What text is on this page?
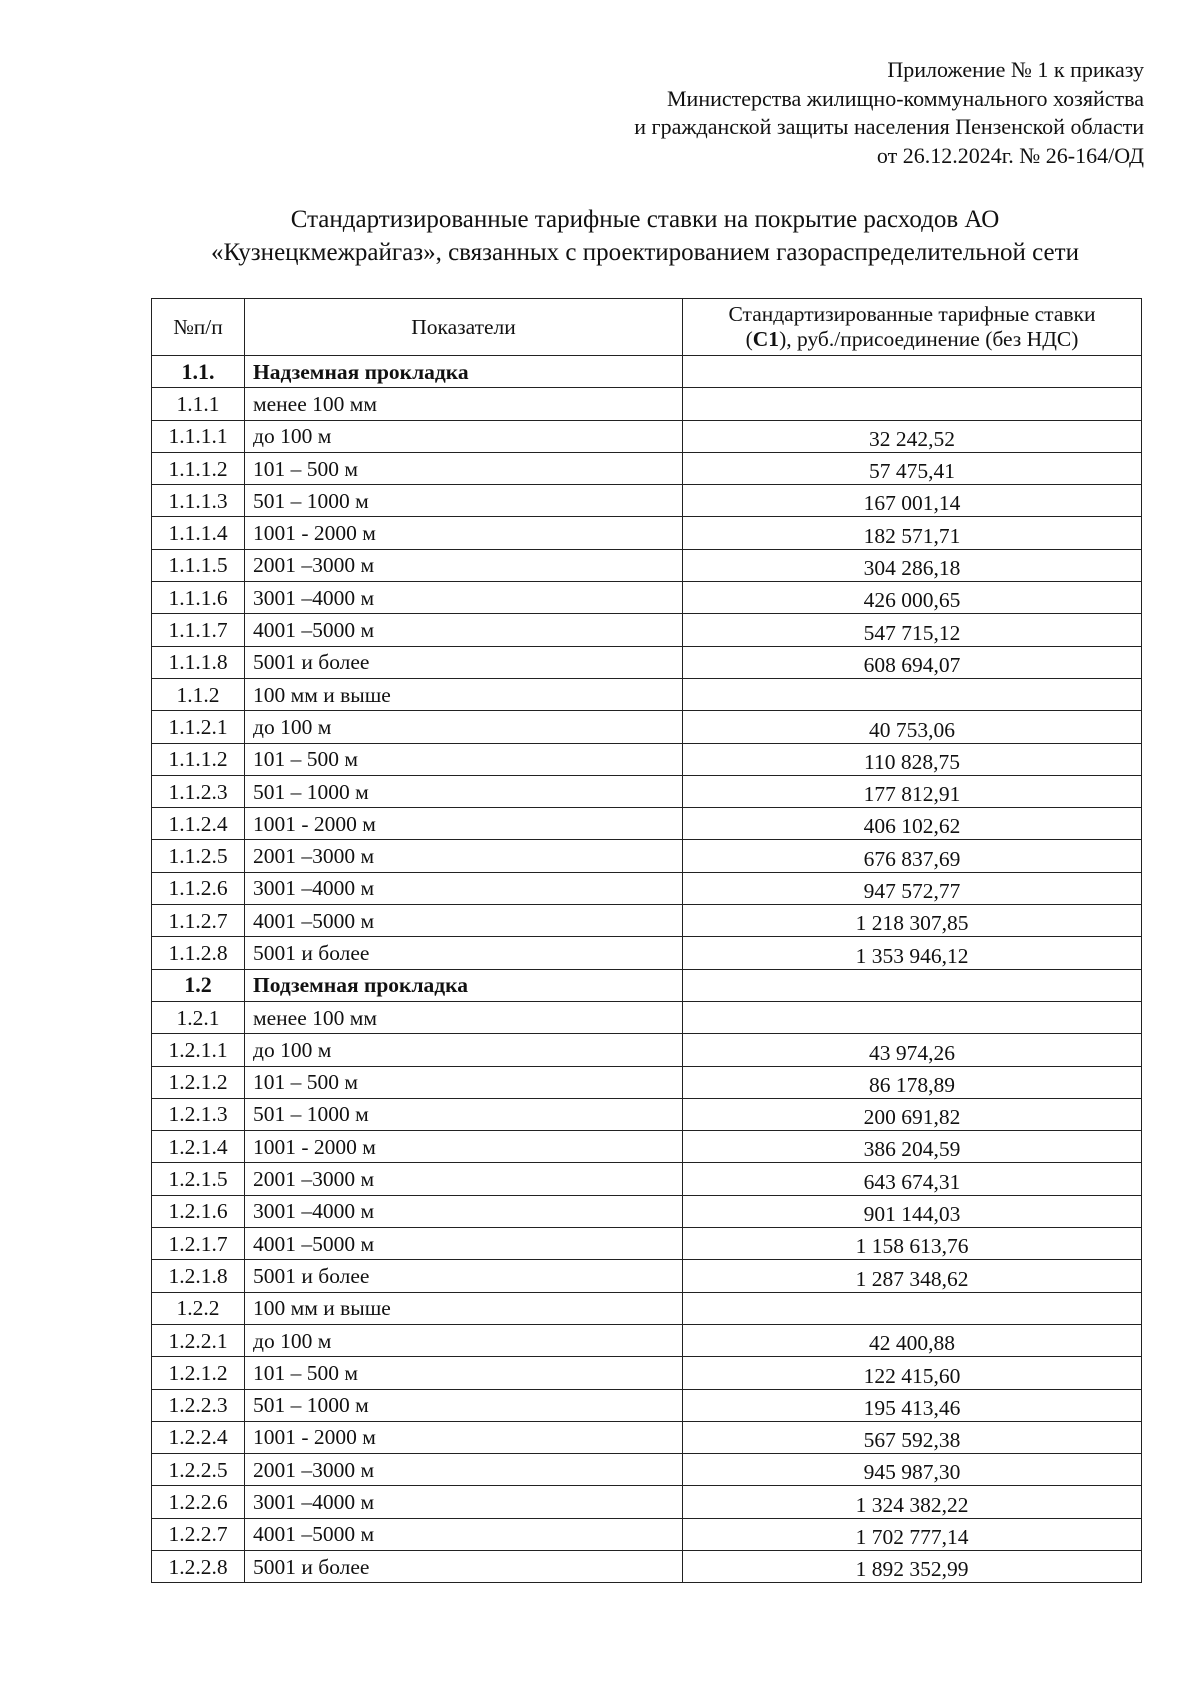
Приложение № 1 к приказу
Министерства жилищно-коммунального хозяйства
и гражданской защиты населения Пензенской области
от 26.12.2024г. № 26-164/ОД
Стандартизированные тарифные ставки на покрытие расходов АО
«Кузнецкмежрайгаз», связанных с проектированием газораспределительной сети
№п/п	Показатели	Стандартизированные тарифные ставки
(С1), руб./присоединение (без НДС)
1.1.	Надземная прокладка	
1.1.1	менее 100 мм	
1.1.1.1	до 100 м	32 242,52
1.1.1.2	101 – 500 м	57 475,41
1.1.1.3	501 – 1000 м	167 001,14
1.1.1.4	1001 - 2000 м	182 571,71
1.1.1.5	2001 –3000 м	304 286,18
1.1.1.6	3001 –4000 м	426 000,65
1.1.1.7	4001 –5000 м	547 715,12
1.1.1.8	5001 и более	608 694,07
1.1.2	100 мм и выше	
1.1.2.1	до 100 м	40 753,06
1.1.1.2	101 – 500 м	110 828,75
1.1.2.3	501 – 1000 м	177 812,91
1.1.2.4	1001 - 2000 м	406 102,62
1.1.2.5	2001 –3000 м	676 837,69
1.1.2.6	3001 –4000 м	947 572,77
1.1.2.7	4001 –5000 м	1 218 307,85
1.1.2.8	5001 и более	1 353 946,12
1.2	Подземная прокладка	
1.2.1	менее 100 мм	
1.2.1.1	до 100 м	43 974,26
1.2.1.2	101 – 500 м	86 178,89
1.2.1.3	501 – 1000 м	200 691,82
1.2.1.4	1001 - 2000 м	386 204,59
1.2.1.5	2001 –3000 м	643 674,31
1.2.1.6	3001 –4000 м	901 144,03
1.2.1.7	4001 –5000 м	1 158 613,76
1.2.1.8	5001 и более	1 287 348,62
1.2.2	100 мм и выше	
1.2.2.1	до 100 м	42 400,88
1.2.1.2	101 – 500 м	122 415,60
1.2.2.3	501 – 1000 м	195 413,46
1.2.2.4	1001 - 2000 м	567 592,38
1.2.2.5	2001 –3000 м	945 987,30
1.2.2.6	3001 –4000 м	1 324 382,22
1.2.2.7	4001 –5000 м	1 702 777,14
1.2.2.8	5001 и более	1 892 352,99
